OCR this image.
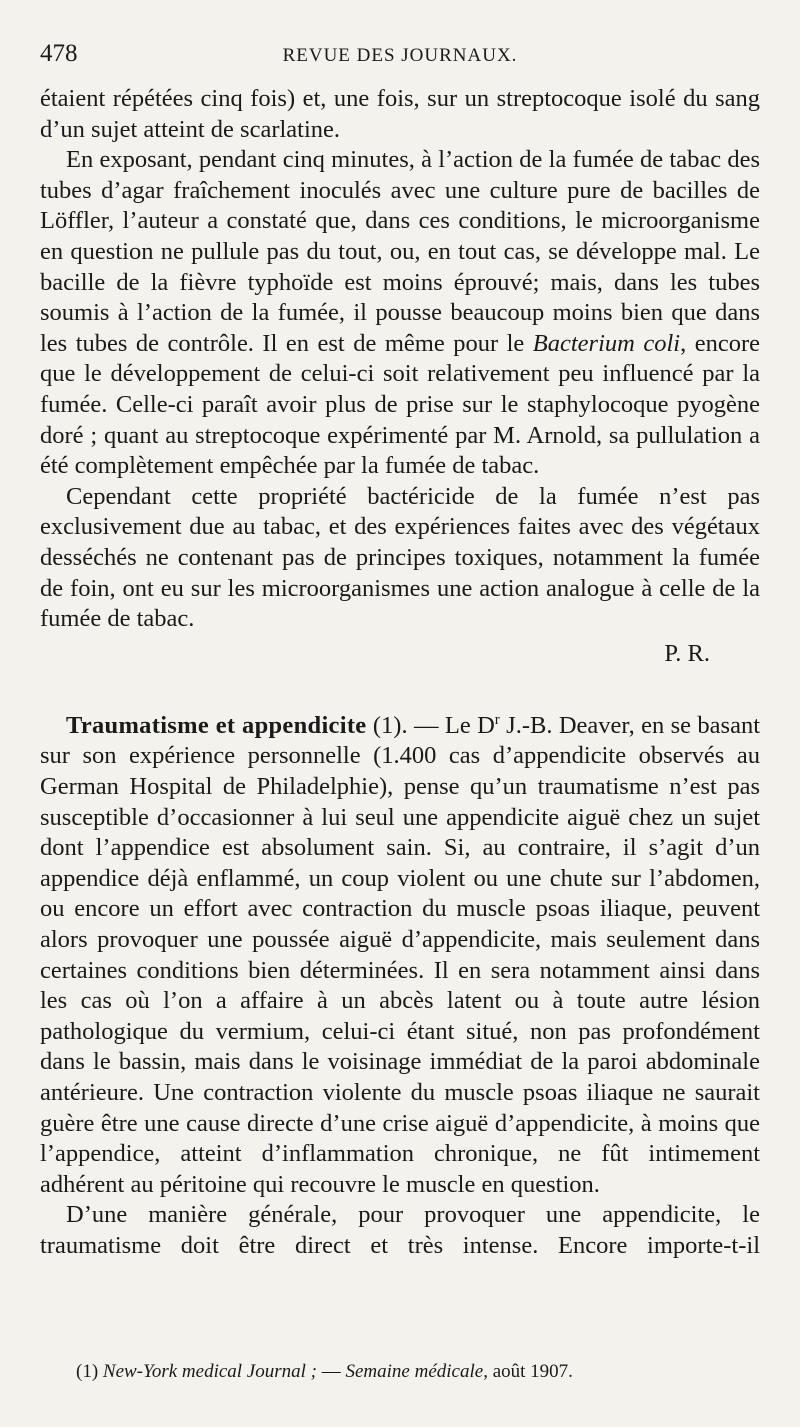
478	REVUE DES JOURNAUX.

étaient répétées cinq fois) et, une fois, sur un streptocoque isolé du sang d’un sujet atteint de scarlatine.

En exposant, pendant cinq minutes, à l’action de la fumée de tabac des tubes d’agar fraîchement inoculés avec une culture pure de bacilles de Löffler, l’auteur a constaté que, dans ces conditions, le microorganisme en question ne pullule pas du tout, ou, en tout cas, se développe mal. Le bacille de la fièvre typhoïde est moins éprouvé; mais, dans les tubes soumis à l’action de la fumée, il pousse beaucoup moins bien que dans les tubes de contrôle. Il en est de même pour le Bacterium coli, encore que le développement de celui-ci soit relativement peu influencé par la fumée. Celle-ci paraît avoir plus de prise sur le staphylocoque pyogène doré ; quant au streptocoque expérimenté par M. Arnold, sa pullulation a été complètement empêchée par la fumée de tabac.

Cependant cette propriété bactéricide de la fumée n’est pas exclusivement due au tabac, et des expériences faites avec des végétaux desséchés ne contenant pas de principes toxiques, notamment la fumée de foin, ont eu sur les microorganismes une action analogue à celle de la fumée de tabac.

P. R.

Traumatisme et appendicite (1). — Le $D^r$ J.-B. Deaver, en se basant sur son expérience personnelle (1.400 cas d’appendicite observés au German Hospital de Philadelphie), pense qu’un traumatisme n’est pas susceptible d’occasionner à lui seul une appendicite aiguë chez un sujet dont l’appendice est absolument sain. Si, au contraire, il s’agit d’un appendice déjà enflammé, un coup violent ou une chute sur l’abdomen, ou encore un effort avec contraction du muscle psoas iliaque, peuvent alors provoquer une poussée aiguë d’appendicite, mais seulement dans certaines conditions bien déterminées. Il en sera notamment ainsi dans les cas où l’on a affaire à un abcès latent ou à toute autre lésion pathologique du vermium, celui-ci étant situé, non pas profondément dans le bassin, mais dans le voisinage immédiat de la paroi abdominale antérieure. Une contraction violente du muscle psoas iliaque ne saurait guère être une cause directe d’une crise aiguë d’appendicite, à moins que l’appendice, atteint d’inflammation chronique, ne fût intimement adhérent au péritoine qui recouvre le muscle en question.

D’une manière générale, pour provoquer une appendicite, le traumatisme doit être direct et très intense. Encore importe-t-il

(1) New-York medical Journal ; — Semaine médicale, août 1907.
